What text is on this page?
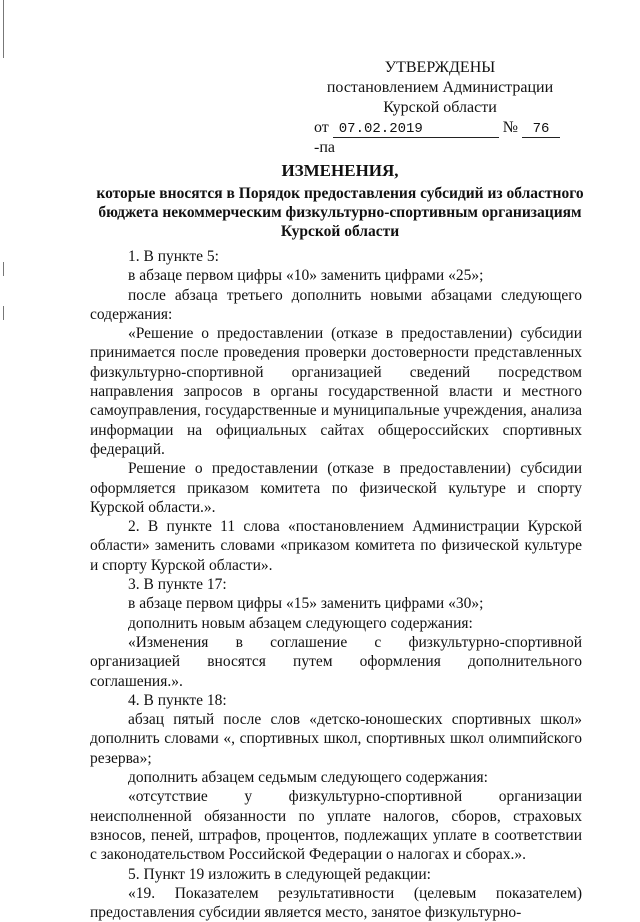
УТВЕРЖДЕНЫ
постановлением Администрации
Курской области
от 07.02.2019	№ 76-па
ИЗМЕНЕНИЯ,
которые вносятся в Порядок предоставления субсидий из областного бюджета некоммерческим физкультурно-спортивным организациям Курской области

1. В пункте 5:

в абзаце первом цифры «10» заменить цифрами «25»;

после абзаца третьего дополнить новыми абзацами следующего содержания:

«Решение о предоставлении (отказе в предоставлении) субсидии принимается после проведения проверки достоверности представленных физкультурно-спортивной организацией сведений посредством направления запросов в органы государственной власти и местного самоуправления, государственные и муниципальные учреждения, анализа информации на официальных сайтах общероссийских спортивных федераций.

Решение о предоставлении (отказе в предоставлении) субсидии оформляется приказом комитета по физической культуре и спорту Курской области.».

2. В пункте 11 слова «постановлением Администрации Курской области» заменить словами «приказом комитета по физической культуре и спорту Курской области».

3. В пункте 17:

в абзаце первом цифры «15» заменить цифрами «30»;

дополнить новым абзацем следующего содержания:

«Изменения в соглашение с физкультурно-спортивной организацией вносятся путем оформления дополнительного соглашения.».

4. В пункте 18:

абзац пятый после слов «детско-юношеских спортивных школ» дополнить словами «, спортивных школ, спортивных школ олимпийского резерва»;

дополнить абзацем седьмым следующего содержания:

«отсутствие у физкультурно-спортивной организации неисполненной обязанности по уплате налогов, сборов, страховых взносов, пеней, штрафов, процентов, подлежащих уплате в соответствии с законодательством Российской Федерации о налогах и сборах.».

5. Пункт 19 изложить в следующей редакции:

«19. Показателем результативности (целевым показателем) предоставления субсидии является место, занятое физкультурно-
